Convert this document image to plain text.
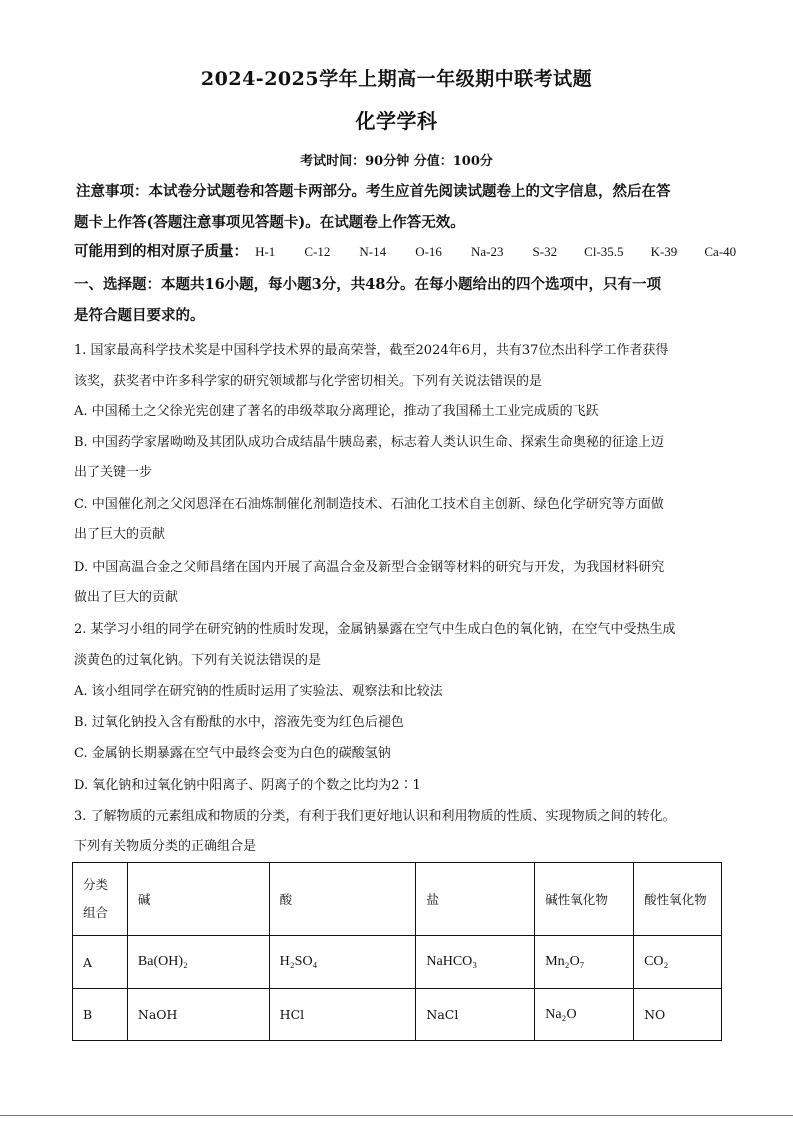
2024-2025学年上期高一年级期中联考试题
化学学科
考试时间：90分钟 分值：100分
注意事项：本试卷分试题卷和答题卡两部分。考生应首先阅读试题卷上的文字信息，然后在答
题卡上作答(答题注意事项见答题卡)。在试题卷上作答无效。
可能用到的相对原子质量： H-1 C-12 N-14 O-16 Na-23 S-32 Cl-35.5 K-39 Ca-40
一、选择题：本题共16小题，每小题3分，共48分。在每小题给出的四个选项中，只有一项
是符合题目要求的。
1. 国家最高科学技术奖是中国科学技术界的最高荣誉，截至2024年6月，共有37位杰出科学工作者获得
该奖，获奖者中许多科学家的研究领域都与化学密切相关。下列有关说法错误的是
A. 中国稀土之父徐光宪创建了著名的串级萃取分离理论，推动了我国稀土工业完成质的飞跃
B. 中国药学家屠呦呦及其团队成功合成结晶牛胰岛素，标志着人类认识生命、探索生命奥秘的征途上迈
出了关键一步
C. 中国催化剂之父闵恩泽在石油炼制催化剂制造技术、石油化工技术自主创新、绿色化学研究等方面做
出了巨大的贡献
D. 中国高温合金之父师昌绪在国内开展了高温合金及新型合金钢等材料的研究与开发，为我国材料研究
做出了巨大的贡献
2. 某学习小组的同学在研究钠的性质时发现，金属钠暴露在空气中生成白色的氧化钠，在空气中受热生成
淡黄色的过氧化钠。下列有关说法错误的是
A. 该小组同学在研究钠的性质时运用了实验法、观察法和比较法
B. 过氧化钠投入含有酚酞的水中，溶液先变为红色后褪色
C. 金属钠长期暴露在空气中最终会变为白色的碳酸氢钠
D. 氧化钠和过氧化钠中阳离子、阴离子的个数之比均为2∶1
3. 了解物质的元素组成和物质的分类，有利于我们更好地认识和利用物质的性质、实现物质之间的转化。
下列有关物质分类的正确组合是
分类
组合	碱	酸	盐	碱性氧化物	酸性氧化物
A	Ba(OH)₂	H₂SO₄	NaHCO₃	Mn₂O₇	CO₂
B	NaOH	HCl	NaCl	Na₂O	NO
